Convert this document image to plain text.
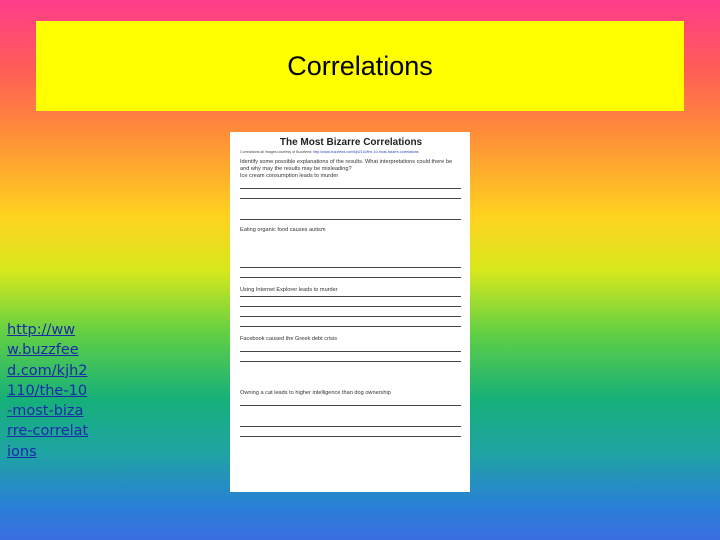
Correlations
http://www.buzzfeed.com/kjh2110/the-10-most-bizarre-correlations
The Most Bizarre Correlations
Correlations all images courtesy of Buzzfeed: http://www.buzzfeed.com/kjh2110/the-10-most-bizarre-correlations
Identify some possible explanations of the results. What interpretations could there be and why may the results may be misleading?
Ice cream consumption leads to murder
Eating organic food causes autism
Using Internet Explorer leads to murder
Facebook caused the Greek debt crisis
Owning a cat leads to higher intelligence than dog ownership
